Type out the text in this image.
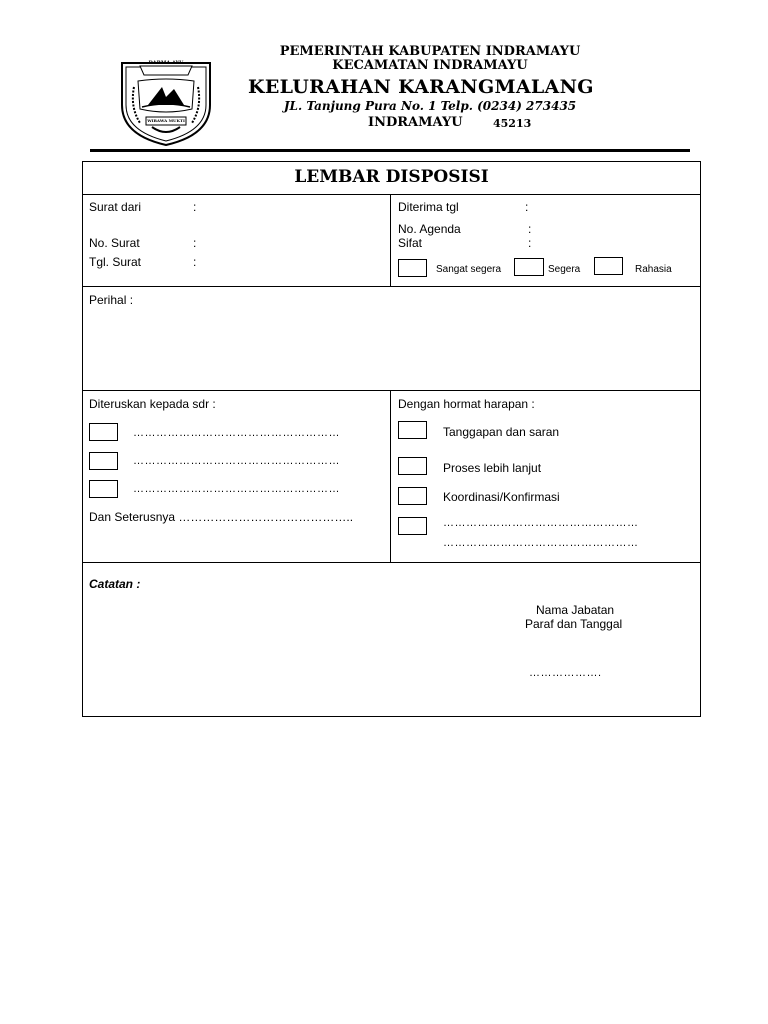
DARMA AYU
WIBAWA MUKTI
PEMERINTAH KABUPATEN INDRAMAYU
KECAMATAN INDRAMAYU
KELURAHAN KARANGMALANG
JL. Tanjung Pura No. 1 Telp. (0234) 273435
INDRAMAYU	45213
LEMBAR DISPOSISI
Surat dari	:
No. Surat	:
Tgl. Surat	:
Diterima tgl	:
No. Agenda	:
Sifat	:
Sangat segera	Segera	Rahasia
Perihal :
Diteruskan kepada sdr :
………………………………………………
………………………………………………
………………………………………………
Dan Seterusnya ……………………………………..
Dengan hormat harapan :
Tanggapan dan saran
Proses lebih lanjut
Koordinasi/Konfirmasi
……………………………………………
……………………………………………
Catatan :
Nama Jabatan
Paraf dan Tanggal
……………….
